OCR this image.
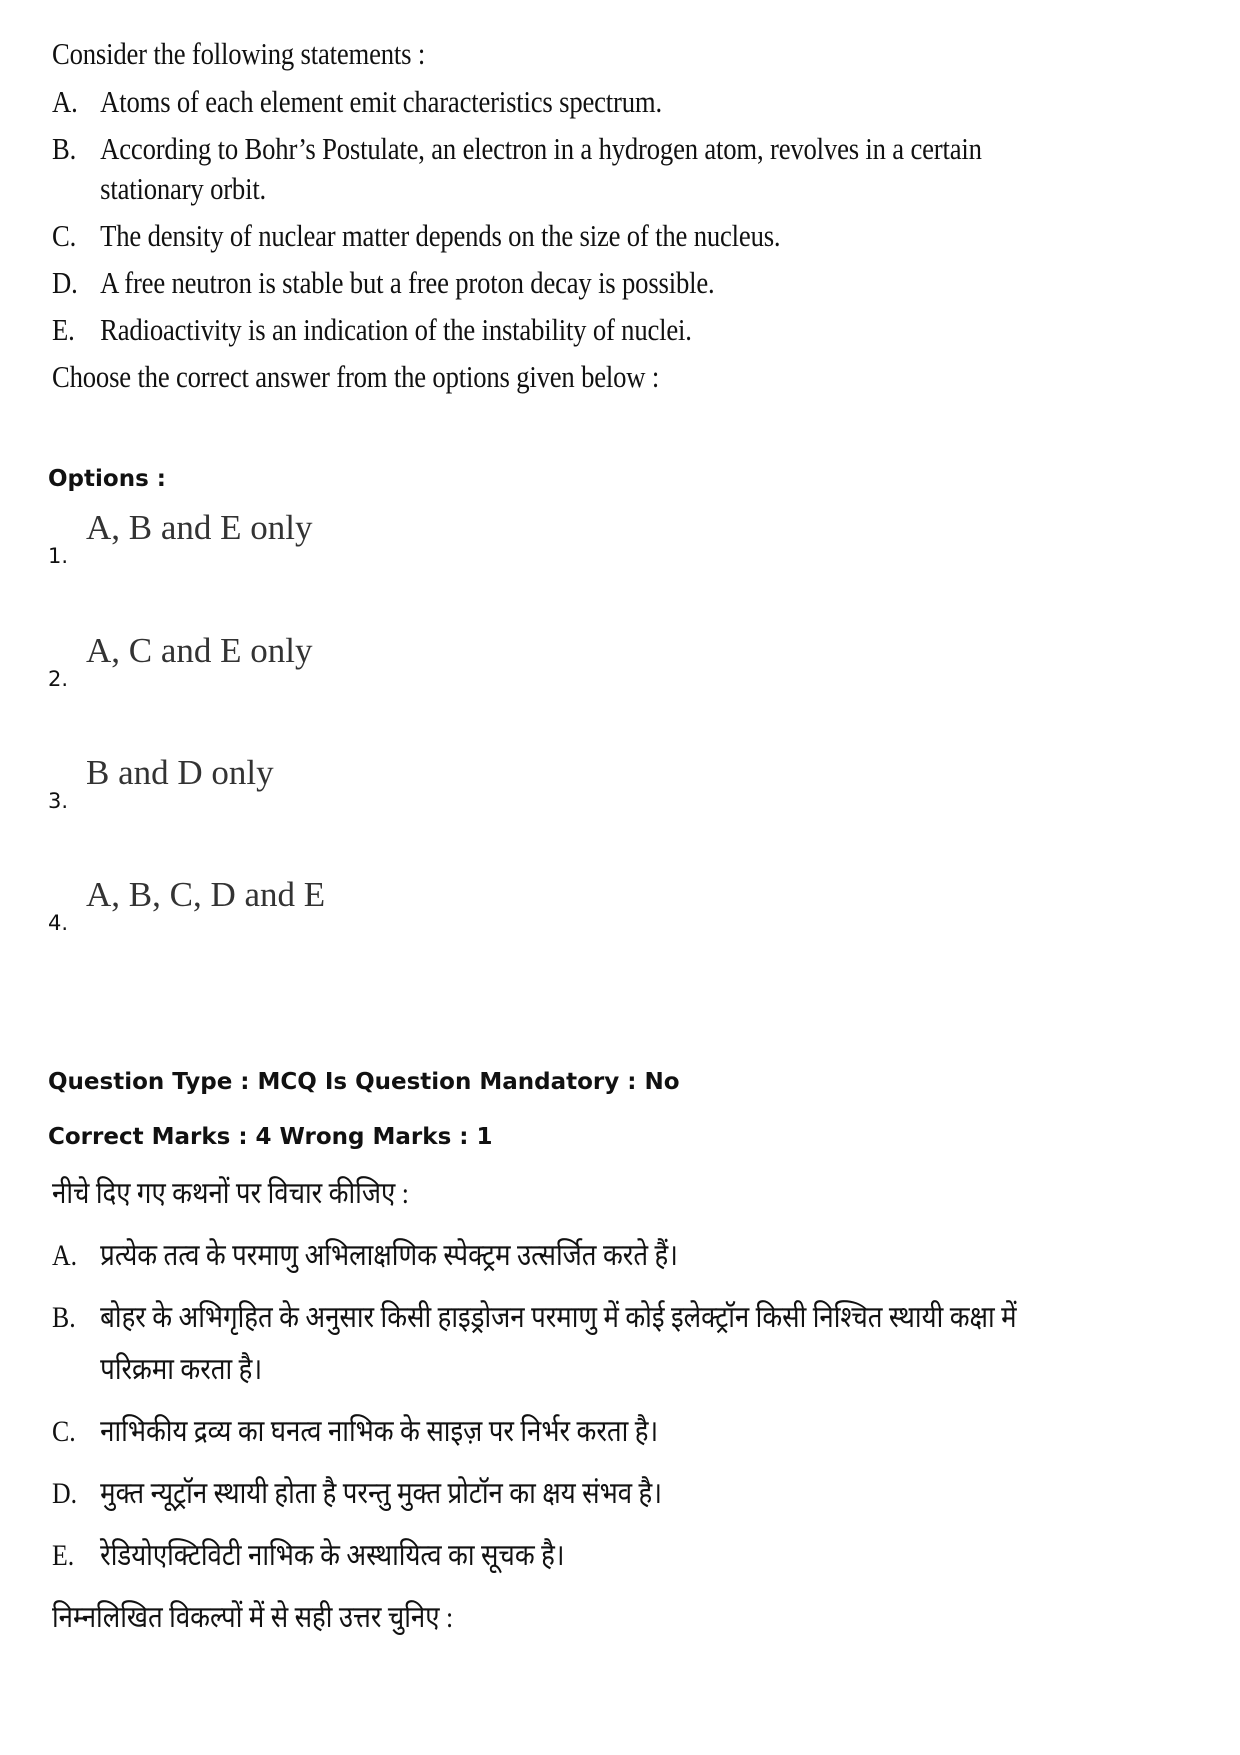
Consider the following statements :
A. Atoms of each element emit characteristics spectrum.
B. According to Bohr’s Postulate, an electron in a hydrogen atom, revolves in a certain
stationary orbit.
C. The density of nuclear matter depends on the size of the nucleus.
D. A free neutron is stable but a free proton decay is possible.
E. Radioactivity is an indication of the instability of nuclei.
Choose the correct answer from the options given below :
Options :
1.
A, B and E only
2.
A, C and E only
3.
B and D only
4.
A, B, C, D and E
Question Type : MCQ Is Question Mandatory : No
Correct Marks : 4 Wrong Marks : 1
नीचे दिए गए कथनों पर विचार कीजिए :
A. प्रत्येक तत्व के परमाणु अभिलाक्षणिक स्पेक्ट्रम उत्सर्जित करते हैं।
B. बोहर के अभिगृहित के अनुसार किसी हाइड्रोजन परमाणु में कोई इलेक्ट्रॉन किसी निश्चित स्थायी कक्षा में
परिक्रमा करता है।
C. नाभिकीय द्रव्य का घनत्व नाभिक के साइज़ पर निर्भर करता है।
D. मुक्त न्यूट्रॉन स्थायी होता है परन्तु मुक्त प्रोटॉन का क्षय संभव है।
E. रेडियोएक्टिविटी नाभिक के अस्थायित्व का सूचक है।
निम्नलिखित विकल्पों में से सही उत्तर चुनिए :
